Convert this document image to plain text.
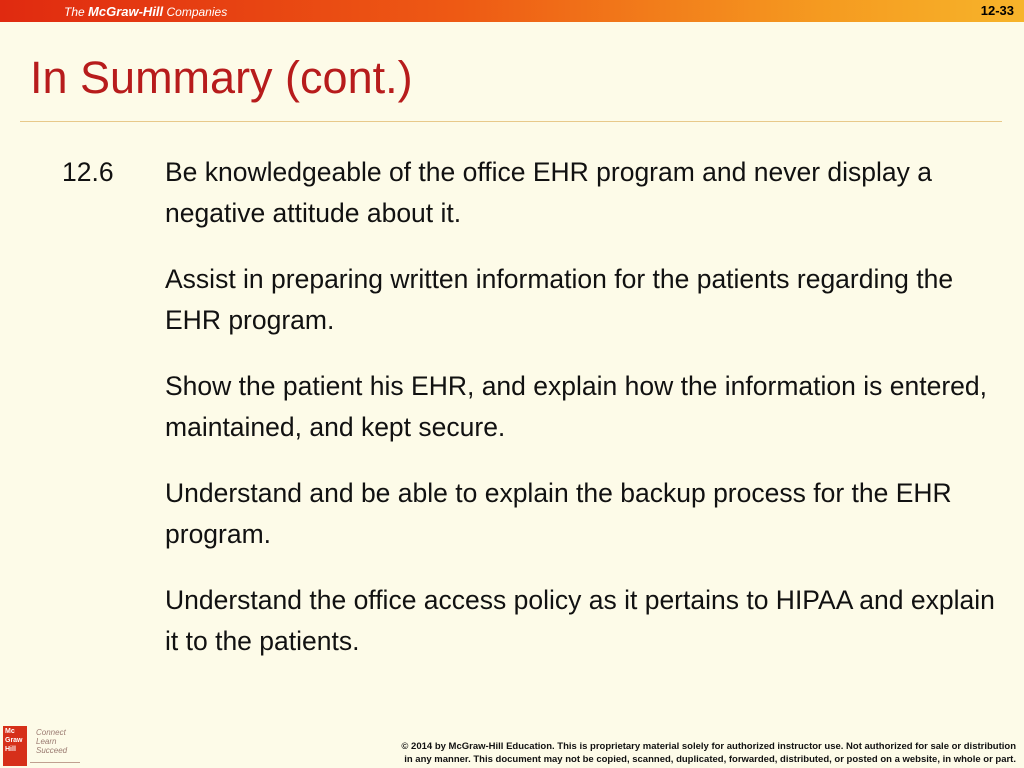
The McGraw-Hill Companies	12-33
In Summary (cont.)
12.6 Be knowledgeable of the office EHR program and never display a negative attitude about it.
Assist in preparing written information for the patients regarding the EHR program.
Show the patient his EHR, and explain how the information is entered, maintained, and kept secure.
Understand and be able to explain the backup process for the EHR program.
Understand the office access policy as it pertains to HIPAA and explain it to the patients.
Mc
Graw
Hill
Connect
Learn
Succeed	© 2014 by McGraw-Hill Education. This is proprietary material solely for authorized instructor use. Not authorized for sale or distribution
in any manner. This document may not be copied, scanned, duplicated, forwarded, distributed, or posted on a website, in whole or part.
